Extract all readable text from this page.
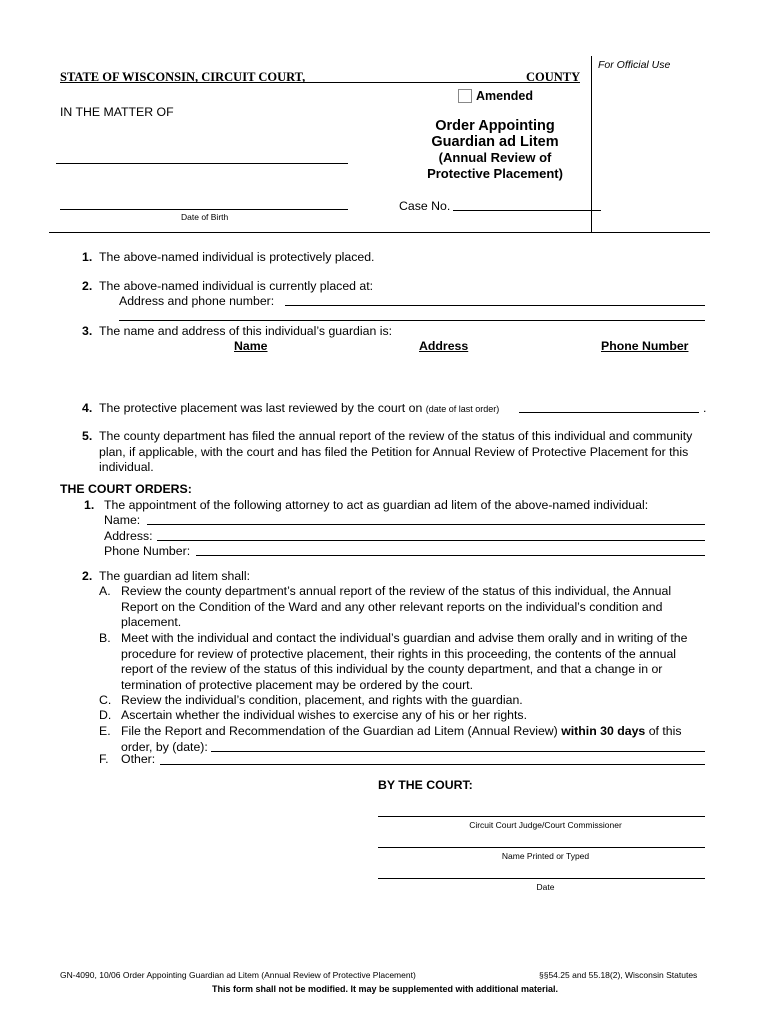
For Official Use
STATE OF WISCONSIN, CIRCUIT COURT,	COUNTY
Amended
IN THE MATTER OF
Date of Birth
Order Appointing
Guardian ad Litem
(Annual Review of
Protective Placement)
Case No.
1. The above-named individual is protectively placed.
2. The above-named individual is currently placed at:
Address and phone number:
3. The name and address of this individual’s guardian is:
Name	Address	Phone Number
4. The protective placement was last reviewed by the court on (date of last order)	.
5. The county department has filed the annual report of the review of the status of this individual and community
plan, if applicable, with the court and has filed the Petition for Annual Review of Protective Placement for this
individual.
THE COURT ORDERS:
1. The appointment of the following attorney to act as guardian ad litem of the above-named individual:
Name:
Address:
Phone Number:
2. The guardian ad litem shall:
A. Review the county department’s annual report of the review of the status of this individual, the Annual
Report on the Condition of the Ward and any other relevant reports on the individual’s condition and
placement.
B. Meet with the individual and contact the individual’s guardian and advise them orally and in writing of the
procedure for review of protective placement, their rights in this proceeding, the contents of the annual
report of the review of the status of this individual by the county department, and that a change in or
termination of protective placement may be ordered by the court.
C. Review the individual’s condition, placement, and rights with the guardian.
D. Ascertain whether the individual wishes to exercise any of his or her rights.
E. File the Report and Recommendation of the Guardian ad Litem (Annual Review) within 30 days of this
order, by (date):
F. Other:
BY THE COURT:
Circuit Court Judge/Court Commissioner
Name Printed or Typed
Date
GN-4090, 10/06 Order Appointing Guardian ad Litem (Annual Review of Protective Placement)	§§54.25 and 55.18(2), Wisconsin Statutes
This form shall not be modified. It may be supplemented with additional material.
